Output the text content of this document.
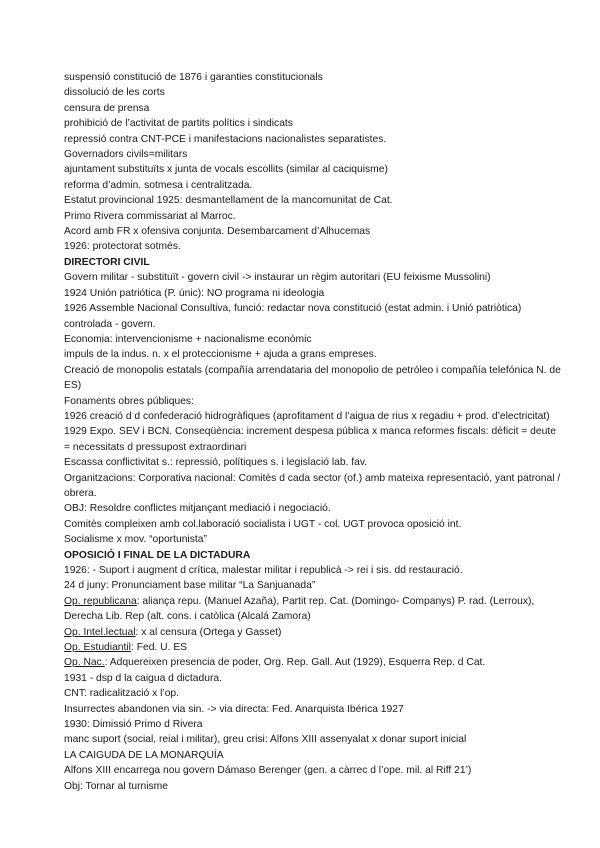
suspensió constitució de 1876 i garanties constitucionals
dissolució de les corts
censura de prensa
prohibició de l’activitat de partits polítics i sindicats
repressió contra CNT-PCE i manifestacions nacionalistes separatistes.
Governadors civils=militars
ajuntament substituïts x junta de vocals escollits (similar al caciquisme)
reforma d’admin. sotmesa i centralitzada.
Estatut provincional 1925: desmantellament de la mancomunitat de Cat.
Primo Rivera commissariat al Marroc.
Acord amb FR x ofensiva conjunta. Desembarcament d’Alhucemas
1926: protectorat sotmés.
DIRECTORI CIVIL
Govern militar - substituït - govern civil -> instaurar un règim autoritari (EU feixisme Mussolini)
1924 Unión patriótica (P. únic): NO programa ni ideologia
1926 Assemble Nacional Consultiva, funció: redactar nova constitució (estat admin. i Unió patriòtica) controlada - govern.
Economia: intervencionisme + nacionalisme econòmic
impuls de la indus. n. x el proteccionisme + ajuda a grans empreses.
Creació de monopolis estatals (compañía arrendataria del monopolio de petróleo i compañía telefónica N. de ES)
Fonaments obres públiques:
1926 creació d d confederació hidrogràfiques (aprofitament d l’aigua de rius x regadiu + prod. d’electricitat)
1929 Expo. SEV i BCN. Conseqüència: increment despesa pública x manca reformes fiscals: dèficit = deute = necessitats d pressupost extraordinari
Escassa conflictivitat s.: repressió, polítiques s. i legislació lab. fav.
Organitzacions: Corporativa nacional: Comitès d cada sector (of.) amb mateixa representació, yant patronal / obrera.
OBJ: Resoldre conflictes mitjançant mediació i negociació.
Comitès compleixen amb col.laboració socialista i UGT - col. UGT provoca oposició int.
Socialisme x mov. “oportunista”
OPOSICIÓ I FINAL DE LA DICTADURA
1926: - Suport i augment d crítica, malestar militar i republicà -> rei i sis. dd restauració.
24 d juny: Pronunciament base militar “La Sanjuanada”
Op. republicana: aliança repu. (Manuel Azaña), Partit rep. Cat. (Domingo- Companys) P. rad. (Lerroux), Derecha Lib. Rep (alt. cons. i catòlica (Alcalá Zamora)
Op. Intel.lectual: x al censura (Ortega y Gasset)
Op. Estudiantil: Fed. U. ES
Op. Nac.: Adquereixen presencia de poder, Org. Rep. Gall. Aut (1929), Esquerra Rep. d Cat.
1931 - dsp d la caigua d dictadura.
CNT: radicalització x l’op.
Insurrectes abandonen via sin. -> via directa: Fed. Anarquista Ibérica 1927
1930: Dimissió Primo d Rivera
manc suport (social, reial i militar), greu crisi: Alfons XIII assenyalat x donar suport inicial
LA CAIGUDA DE LA MONARQUÍA
Alfons XIII encarrega nou govern Dámaso Berenger (gen. a càrrec d l’ope. mil. al Riff 21’)
Obj: Tornar al turnisme
